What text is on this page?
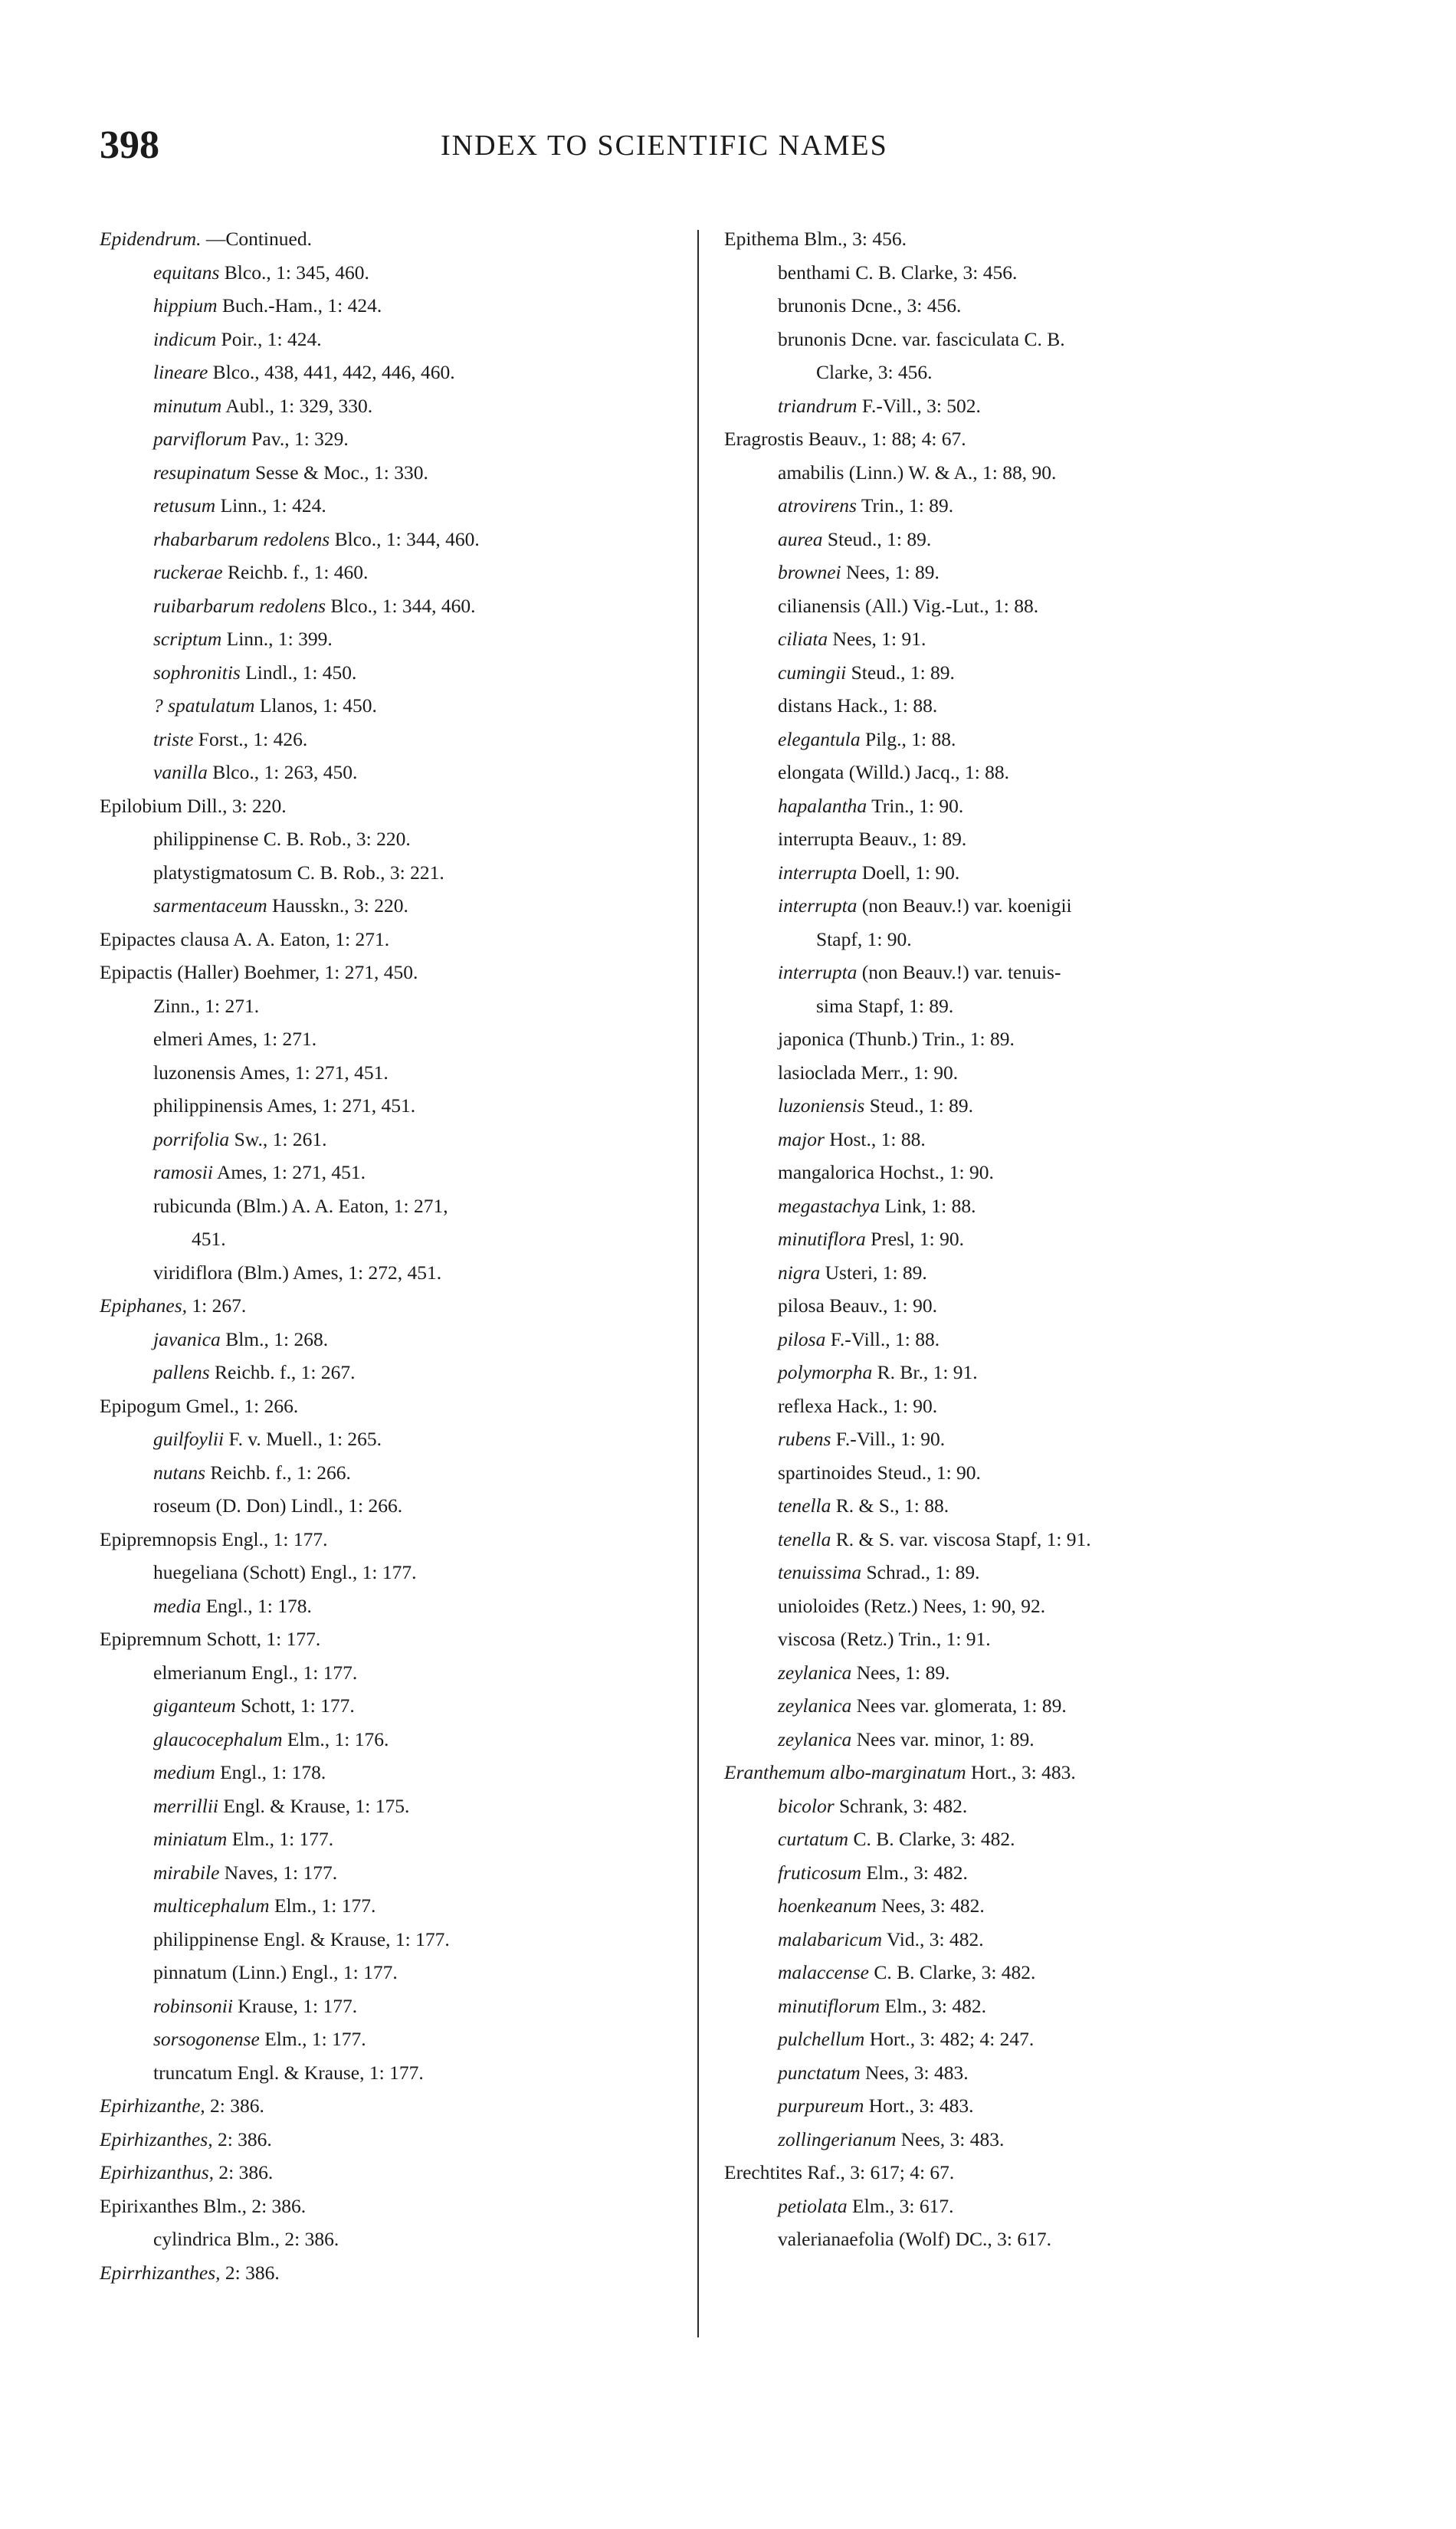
398	INDEX TO SCIENTIFIC NAMES
Epidendrum. —Continued.
equitans Blco., 1: 345, 460.
hippium Buch.-Ham., 1: 424.
indicum Poir., 1: 424.
lineare Blco., 438, 441, 442, 446, 460.
minutum Aubl., 1: 329, 330.
parviflorum Pav., 1: 329.
resupinatum Sesse & Moc., 1: 330.
retusum Linn., 1: 424.
rhabarbarum redolens Blco., 1: 344, 460.
ruckerae Reichb. f., 1: 460.
ruibarbarum redolens Blco., 1: 344, 460.
scriptum Linn., 1: 399.
sophronitis Lindl., 1: 450.
? spatulatum Llanos, 1: 450.
triste Forst., 1: 426.
vanilla Blco., 1: 263, 450.
Epilobium Dill., 3: 220.
philippinense C. B. Rob., 3: 220.
platystigmatosum C. B. Rob., 3: 221.
sarmentaceum Hausskn., 3: 220.
Epipactes clausa A. A. Eaton, 1: 271.
Epipactis (Haller) Boehmer, 1: 271, 450.
Zinn., 1: 271.
elmeri Ames, 1: 271.
luzonensis Ames, 1: 271, 451.
philippinensis Ames, 1: 271, 451.
porrifolia Sw., 1: 261.
ramosii Ames, 1: 271, 451.
rubicunda (Blm.) A. A. Eaton, 1: 271,
451.
viridiflora (Blm.) Ames, 1: 272, 451.
Epiphanes, 1: 267.
javanica Blm., 1: 268.
pallens Reichb. f., 1: 267.
Epipogum Gmel., 1: 266.
guilfoylii F. v. Muell., 1: 265.
nutans Reichb. f., 1: 266.
roseum (D. Don) Lindl., 1: 266.
Epipremnopsis Engl., 1: 177.
huegeliana (Schott) Engl., 1: 177.
media Engl., 1: 178.
Epipremnum Schott, 1: 177.
elmerianum Engl., 1: 177.
giganteum Schott, 1: 177.
glaucocephalum Elm., 1: 176.
medium Engl., 1: 178.
merrillii Engl. & Krause, 1: 175.
miniatum Elm., 1: 177.
mirabile Naves, 1: 177.
multicephalum Elm., 1: 177.
philippinense Engl. & Krause, 1: 177.
pinnatum (Linn.) Engl., 1: 177.
robinsonii Krause, 1: 177.
sorsogonense Elm., 1: 177.
truncatum Engl. & Krause, 1: 177.
Epirhizanthe, 2: 386.
Epirhizanthes, 2: 386.
Epirhizanthus, 2: 386.
Epirixanthes Blm., 2: 386.
cylindrica Blm., 2: 386.
Epirrhizanthes, 2: 386.
Epithema Blm., 3: 456.
benthami C. B. Clarke, 3: 456.
brunonis Dcne., 3: 456.
brunonis Dcne. var. fasciculata C. B.
Clarke, 3: 456.
triandrum F.-Vill., 3: 502.
Eragrostis Beauv., 1: 88; 4: 67.
amabilis (Linn.) W. & A., 1: 88, 90.
atrovirens Trin., 1: 89.
aurea Steud., 1: 89.
brownei Nees, 1: 89.
cilianensis (All.) Vig.-Lut., 1: 88.
ciliata Nees, 1: 91.
cumingii Steud., 1: 89.
distans Hack., 1: 88.
elegantula Pilg., 1: 88.
elongata (Willd.) Jacq., 1: 88.
hapalantha Trin., 1: 90.
interrupta Beauv., 1: 89.
interrupta Doell, 1: 90.
interrupta (non Beauv.!) var. koenigii
Stapf, 1: 90.
interrupta (non Beauv.!) var. tenuis-
sima Stapf, 1: 89.
japonica (Thunb.) Trin., 1: 89.
lasioclada Merr., 1: 90.
luzoniensis Steud., 1: 89.
major Host., 1: 88.
mangalorica Hochst., 1: 90.
megastachya Link, 1: 88.
minutiflora Presl, 1: 90.
nigra Usteri, 1: 89.
pilosa Beauv., 1: 90.
pilosa F.-Vill., 1: 88.
polymorpha R. Br., 1: 91.
reflexa Hack., 1: 90.
rubens F.-Vill., 1: 90.
spartinoides Steud., 1: 90.
tenella R. & S., 1: 88.
tenella R. & S. var. viscosa Stapf, 1: 91.
tenuissima Schrad., 1: 89.
unioloides (Retz.) Nees, 1: 90, 92.
viscosa (Retz.) Trin., 1: 91.
zeylanica Nees, 1: 89.
zeylanica Nees var. glomerata, 1: 89.
zeylanica Nees var. minor, 1: 89.
Eranthemum albo-marginatum Hort., 3: 483.
bicolor Schrank, 3: 482.
curtatum C. B. Clarke, 3: 482.
fruticosum Elm., 3: 482.
hoenkeanum Nees, 3: 482.
malabaricum Vid., 3: 482.
malaccense C. B. Clarke, 3: 482.
minutiflorum Elm., 3: 482.
pulchellum Hort., 3: 482; 4: 247.
punctatum Nees, 3: 483.
purpureum Hort., 3: 483.
zollingerianum Nees, 3: 483.
Erechtites Raf., 3: 617; 4: 67.
petiolata Elm., 3: 617.
valerianaefolia (Wolf) DC., 3: 617.
